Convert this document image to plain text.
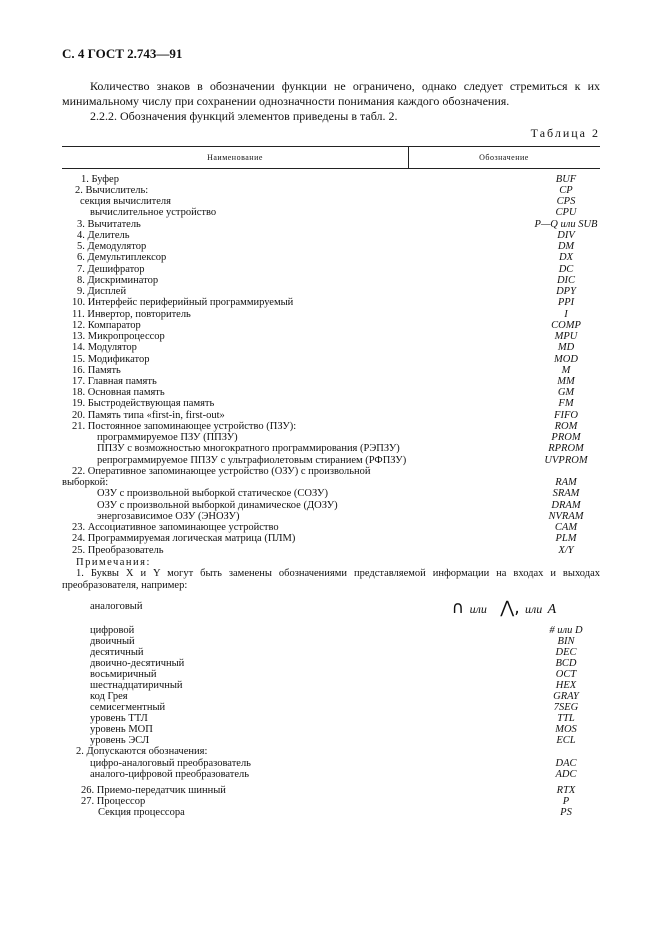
С. 4 ГОСТ 2.743—91
Количество знаков в обозначении функции не ограничено, однако следует стремиться к их минимальному числу при сохранении однозначности понимания каждого обозначения.
2.2.2. Обозначения функций элементов приведены в табл. 2.
Таблица 2
Наименование	Обозначение
1. Буфер	BUF
2. Вычислитель:	CP
секция вычислителя	CPS
вычислительное устройство	CPU
3. Вычитатель	P—Q или SUB
4. Делитель	DIV
5. Демодулятор	DM
6. Демультиплексор	DX
7. Дешифратор	DC
8. Дискриминатор	DIC
9. Дисплей	DPY
10. Интерфейс периферийный программируемый	PPI
11. Инвертор, повторитель	I
12. Компаратор	COMP
13. Микропроцессор	MPU
14. Модулятор	MD
15. Модификатор	MOD
16. Память	M
17. Главная память	MM
18. Основная память	GM
19. Быстродействующая память	FM
20. Память типа «first-in, first-out»	FIFO
21. Постоянное запоминающее устройство (ПЗУ):	ROM
программируемое ПЗУ (ППЗУ)	PROM
ППЗУ с возможностью многократного программирования (РЭПЗУ)	RPROM
репрограммируемое ППЗУ с ультрафиолетовым стиранием (РФПЗУ)	UVPROM
22. Оперативное запоминающее устройство (ОЗУ) с произвольной
выборкой:	RAM
ОЗУ с произвольной выборкой статическое (СОЗУ)	SRAM
ОЗУ с произвольной выборкой динамическое (ДОЗУ)	DRAM
энергозависимое ОЗУ (ЭНОЗУ)	NVRAM
23. Ассоциативное запоминающее устройство	CAM
24. Программируемая логическая матрица (ПЛМ)	PLM
25. Преобразователь	X/Y
Примечания:
1. Буквы X и Y могут быть заменены обозначениями представляемой информации на входах и выходах преобразователя, например:
аналоговый	∩ или ⋀, или A
цифровой	# или D
двоичный	BIN
десятичный	DEC
двоично-десятичный	BCD
восьмиричный	OCT
шестнадцатиричный	HEX
код Грея	GRAY
семисегментный	7SEG
уровень ТТЛ	TTL
уровень МОП	MOS
уровень ЭСЛ	ECL
2. Допускаются обозначения:
цифро-аналоговый преобразователь	DAC
аналого-цифровой преобразователь	ADC
26. Приемо-передатчик шинный	RTX
27. Процессор	P
Секция процессора	PS
